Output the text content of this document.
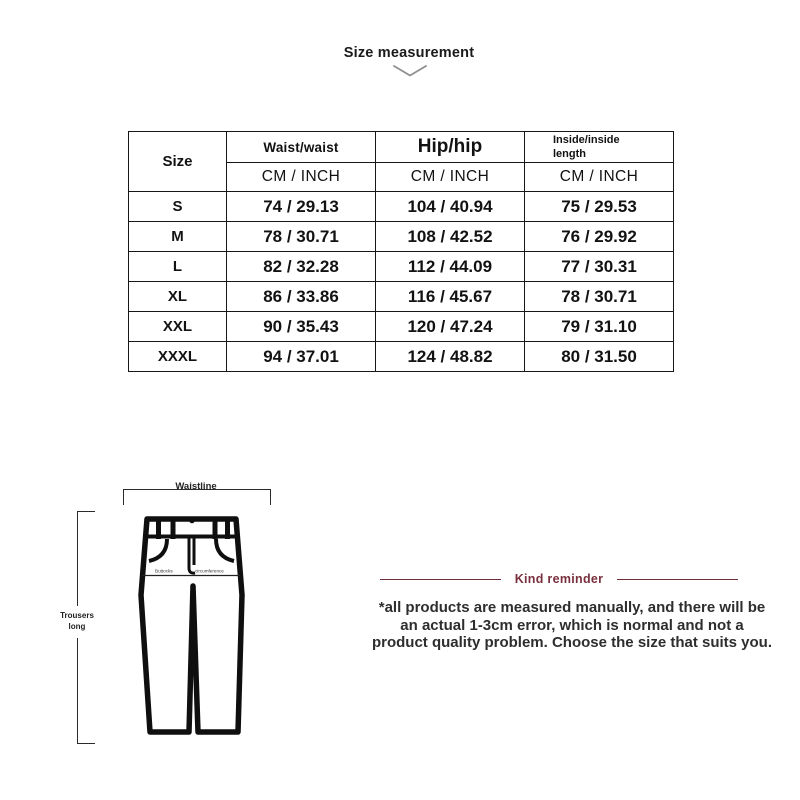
Size measurement
Size	Waist/waist	Hip/hip	Inside/inside length
	CM / INCH	CM / INCH	CM / INCH
S	74 / 29.13	104 / 40.94	75 / 29.53
M	78 / 30.71	108 / 42.52	76 / 29.92
L	82 / 32.28	112 / 44.09	77 / 30.31
XL	86 / 33.86	116 / 45.67	78 / 30.71
XXL	90 / 35.43	120 / 47.24	79 / 31.10
XXXL	94 / 37.01	124 / 48.82	80 / 31.50
Waistline
Trousers
long
Buttocks	circumference
Kind reminder
*all products are measured manually, and there will be
an actual 1-3cm error, which is normal and not a
product quality problem. Choose the size that suits you.
